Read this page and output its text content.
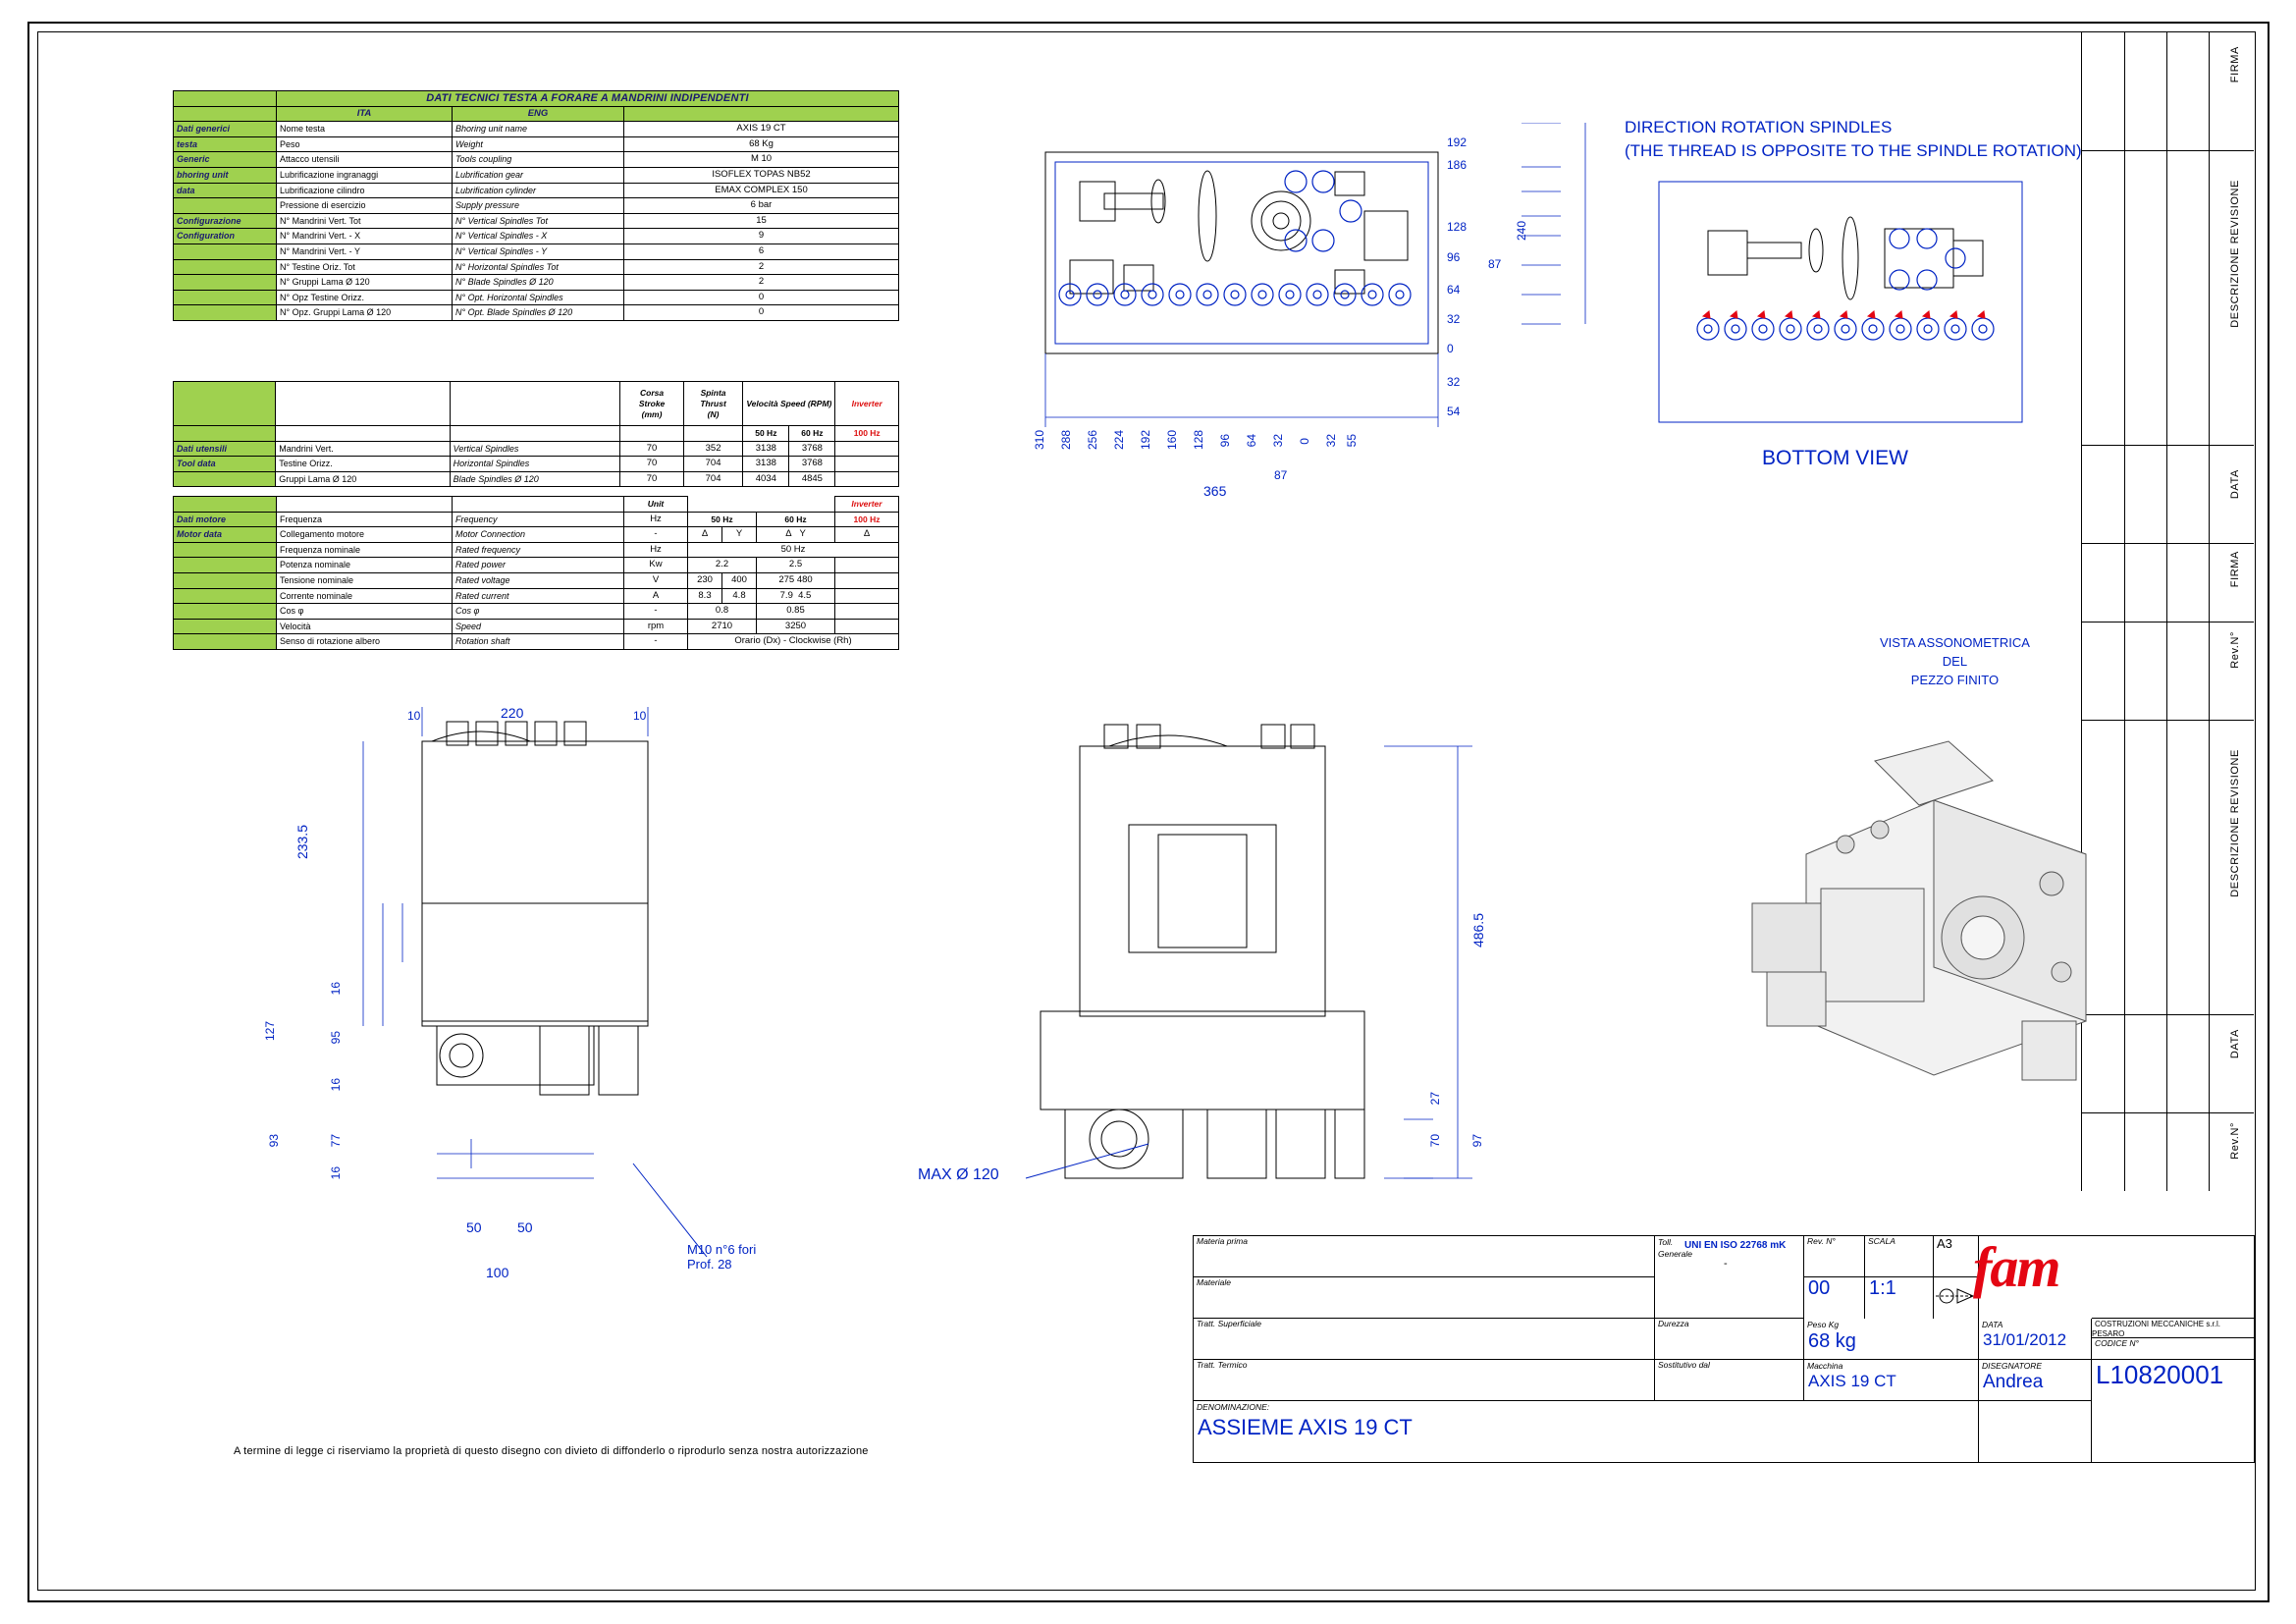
FIRMA
DESCRIZIONE REVISIONE
DATA
FIRMA
Rev.N°
DESCRIZIONE REVISIONE
DATA
Rev.N°
	DATI TECNICI TESTA A FORARE A MANDRINI INDIPENDENTI		
	ITA	ENG	
Dati generici	Nome testa	Bhoring unit name	AXIS 19 CT
testa	Peso	Weight	68 Kg
Generic	Attacco utensili	Tools coupling	M 10
bhoring unit	Lubrificazione ingranaggi	Lubrification gear	ISOFLEX TOPAS NB52
data	Lubrificazione cilindro	Lubrification cylinder	EMAX COMPLEX 150
	Pressione di esercizio	Supply pressure	6 bar
Configurazione	N° Mandrini Vert. Tot	N° Vertical Spindles Tot	15
Configuration	N° Mandrini Vert. - X	N° Vertical Spindles - X	9
	N° Mandrini Vert. - Y	N° Vertical Spindles - Y	6
	N° Testine Oriz. Tot	N° Horizontal Spindles Tot	2
	N° Gruppi Lama Ø 120	N° Blade Spindles Ø 120	2
	N° Opz Testine Orizz.	N° Opt. Horizontal Spindles	0
	N° Opz. Gruppi Lama Ø 120	N° Opt. Blade Spindles Ø 120	0
			Corsa
Stroke
(mm)	Spinta
Thrust
(N)	Velocità Speed (RPM)		Inverter
					50 Hz	60 Hz	100 Hz
Dati utensili	Mandrini Vert.	Vertical Spindles	70	352	3138	3768	
Tool data	Testine Orizz.	Horizontal Spindles	70	704	3138	3768	
	Gruppi Lama Ø 120	Blade Spindles Ø 120	70	704	4034	4845	
			Unit				Inverter
Dati motore	Frequenza	Frequency	Hz	50 Hz		60 Hz	100 Hz
Motor data	Collegamento motore	Motor Connection	-	Δ	Y	Δ   Y	Δ
	Frequenza nominale	Rated frequency	Hz	50 Hz			
	Potenza nominale	Rated power	Kw	2.2		2.5	
	Tensione nominale	Rated voltage	V	230	400	275 480	
	Corrente nominale	Rated current	A	8.3	4.8	7.9  4.5	
	Cos φ	Cos φ	-	0.8		0.85	
	Velocità	Speed	rpm	2710		3250	
	Senso di rotazione albero	Rotation shaft	-	Orario (Dx) - Clockwise (Rh)			
192
186
128
96 87
64
32
0
32
54
240
310 288 256 224 192 160 128 96 64 32 0 32 55
87
365
DIRECTION ROTATION SPINDLES
(THE THREAD IS OPPOSITE TO THE SPINDLE ROTATION)
BOTTOM VIEW
VISTA ASSONOMETRICA
DEL
PEZZO FINITO
10	220	10
233.5
127	95
93	77
16
16
16
50	50
100
M10 n°6 fori
Prof. 28
486.5
97
70
27
MAX Ø 120
Materia prima
Materiale
Tratt. Superficiale
Tratt. Termico
DENOMINAZIONE:
ASSIEME AXIS 19 CT
Toll.
Generale
Durezza
Sostitutivo dal
UNI EN ISO 22768 mK
-
Rev. N°
00
SCALA
1:1
A3
Peso Kg
68 kg
Macchina
AXIS 19 CT
DATA
31/01/2012
DISEGNATORE
Andrea
COSTRUZIONI MECCANICHE s.r.l. PESARO
CODICE N°
L10820001
fam
A termine di legge ci riserviamo la proprietà di questo disegno con divieto di diffonderlo o riprodurlo senza nostra autorizzazione
